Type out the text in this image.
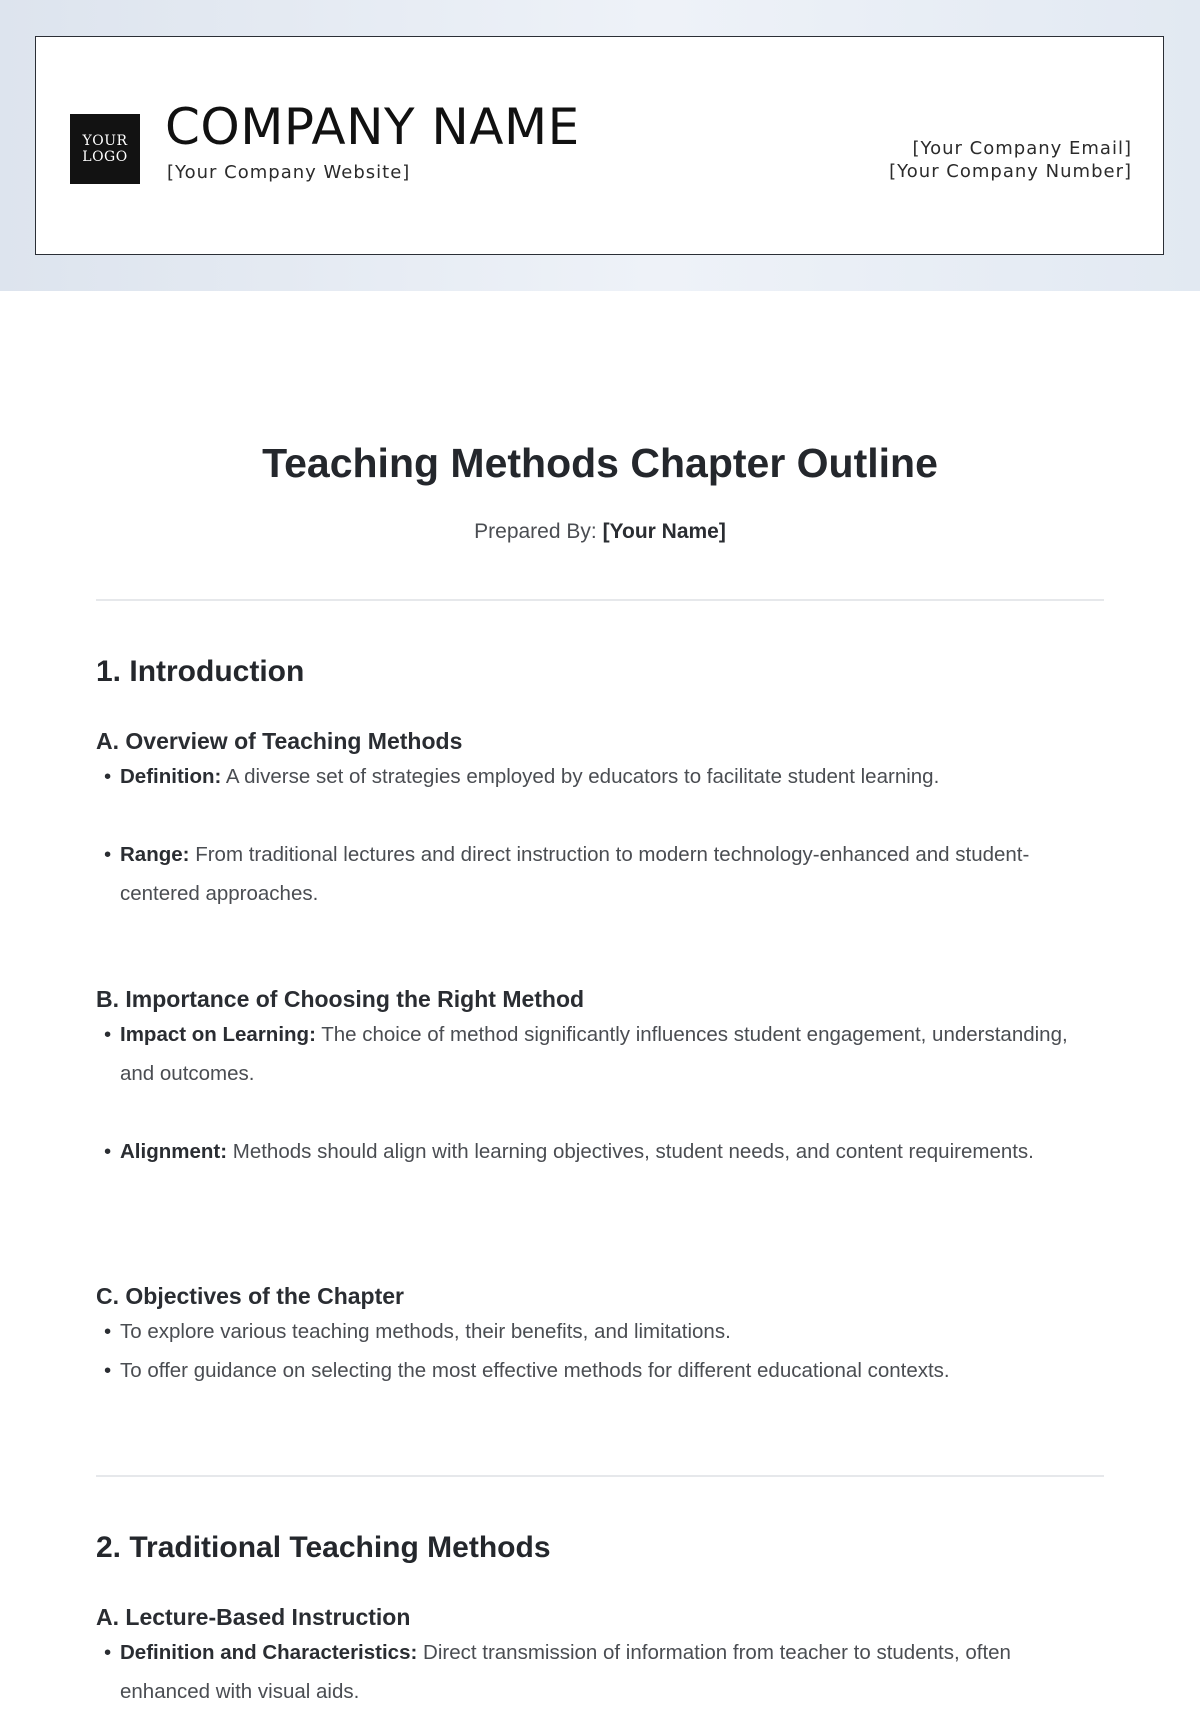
YOUR
LOGO
COMPANY NAME
[Your Company Website]
[Your Company Email]
[Your Company Number]
Teaching Methods Chapter Outline
Prepared By: [Your Name]
1. Introduction
A. Overview of Teaching Methods
• Definition: A diverse set of strategies employed by educators to facilitate student learning.
• Range: From traditional lectures and direct instruction to modern technology-enhanced and student-centered approaches.
B. Importance of Choosing the Right Method
• Impact on Learning: The choice of method significantly influences student engagement, understanding, and outcomes.
• Alignment: Methods should align with learning objectives, student needs, and content requirements.
C. Objectives of the Chapter
• To explore various teaching methods, their benefits, and limitations.
• To offer guidance on selecting the most effective methods for different educational contexts.
2. Traditional Teaching Methods
A. Lecture-Based Instruction
• Definition and Characteristics: Direct transmission of information from teacher to students, often enhanced with visual aids.
